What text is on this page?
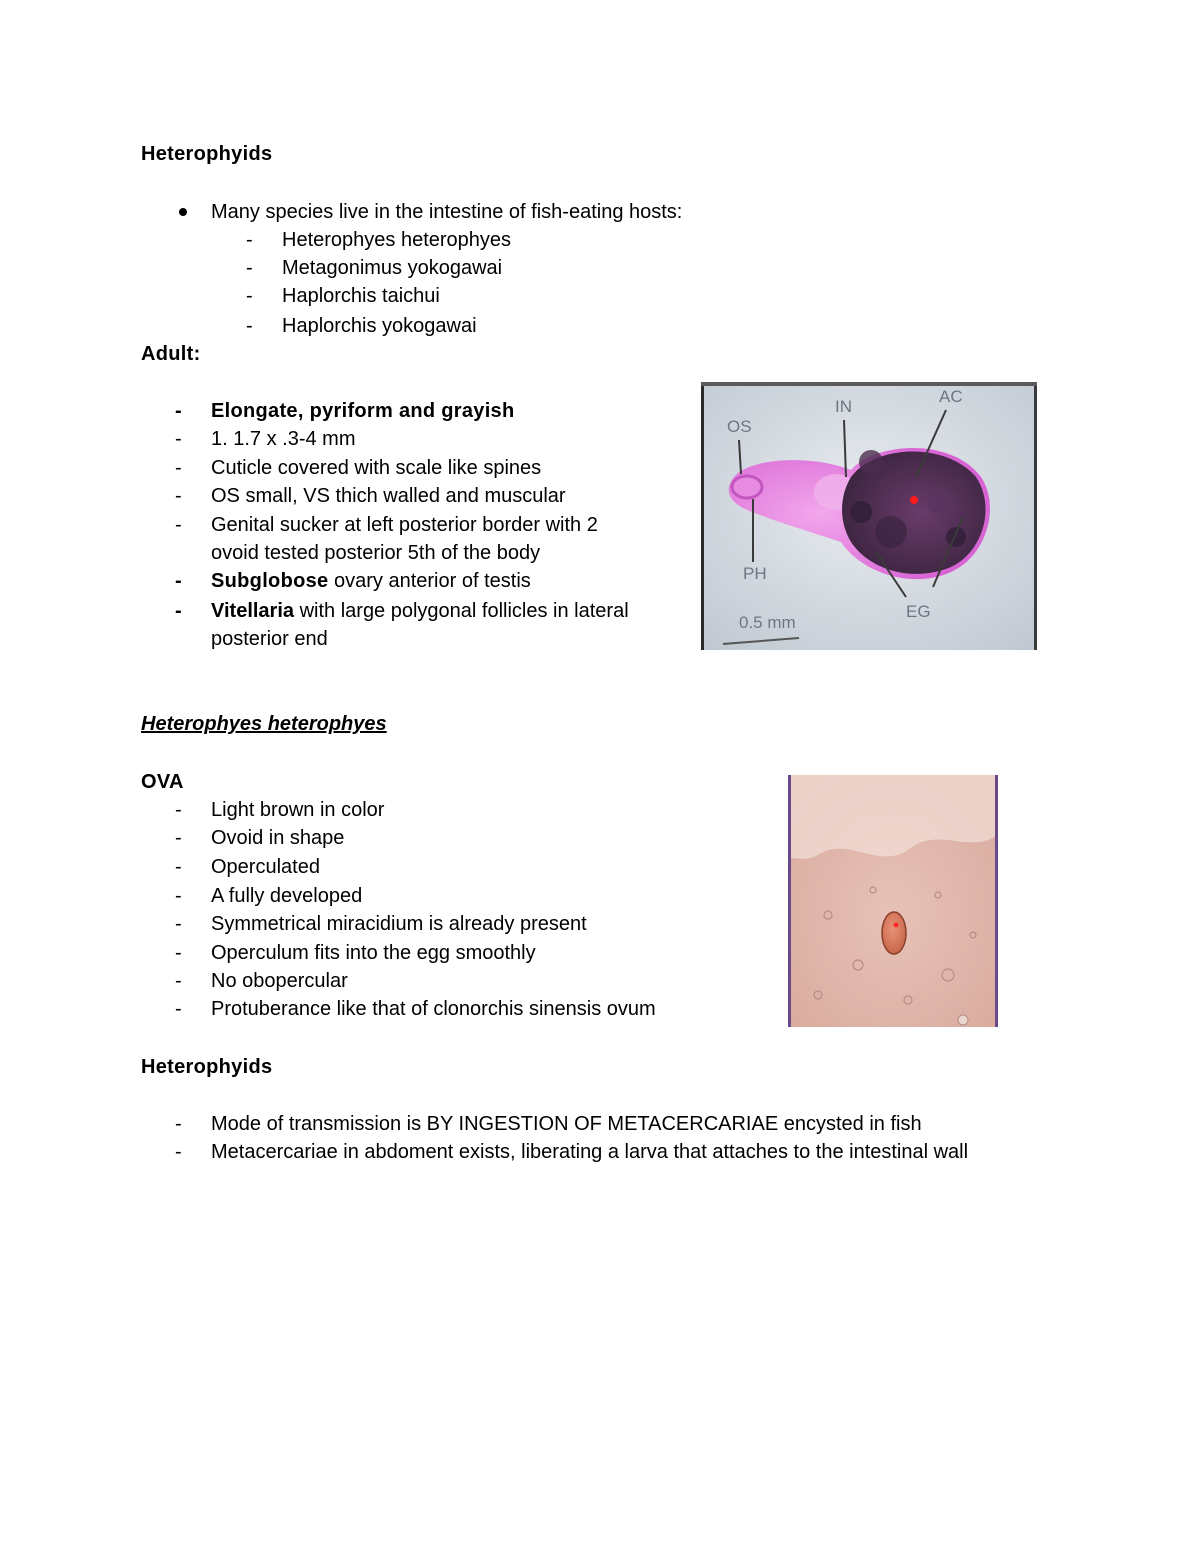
Heterophyids
Many species live in the intestine of fish-eating hosts:
-	Heterophyes heterophyes
-	Metagonimus yokogawai
-	Haplorchis taichui
-	Haplorchis yokogawai
Adult:
-	Elongate, pyriform and grayish
-	1. 1.7 x .3-4 mm
-	Cuticle covered with scale like spines
-	OS small, VS thich walled and muscular
-	Genital sucker at left posterior border with 2
ovoid tested posterior 5th of the body
-	Subglobose ovary anterior of testis
-	Vitellaria with large polygonal follicles in lateral
posterior end
OS
IN
AC
PH
EG
0.5 mm
Heterophyes heterophyes
OVA
-	Light brown in color
-	Ovoid in shape
-	Operculated
-	A fully developed
-	Symmetrical miracidium is already present
-	Operculum fits into the egg smoothly
-	No obopercular
-	Protuberance like that of clonorchis sinensis ovum
Heterophyids
-	Mode of transmission is BY INGESTION OF METACERCARIAE encysted in fish
-	Metacercariae in abdoment exists, liberating a larva that attaches to the intestinal wall
